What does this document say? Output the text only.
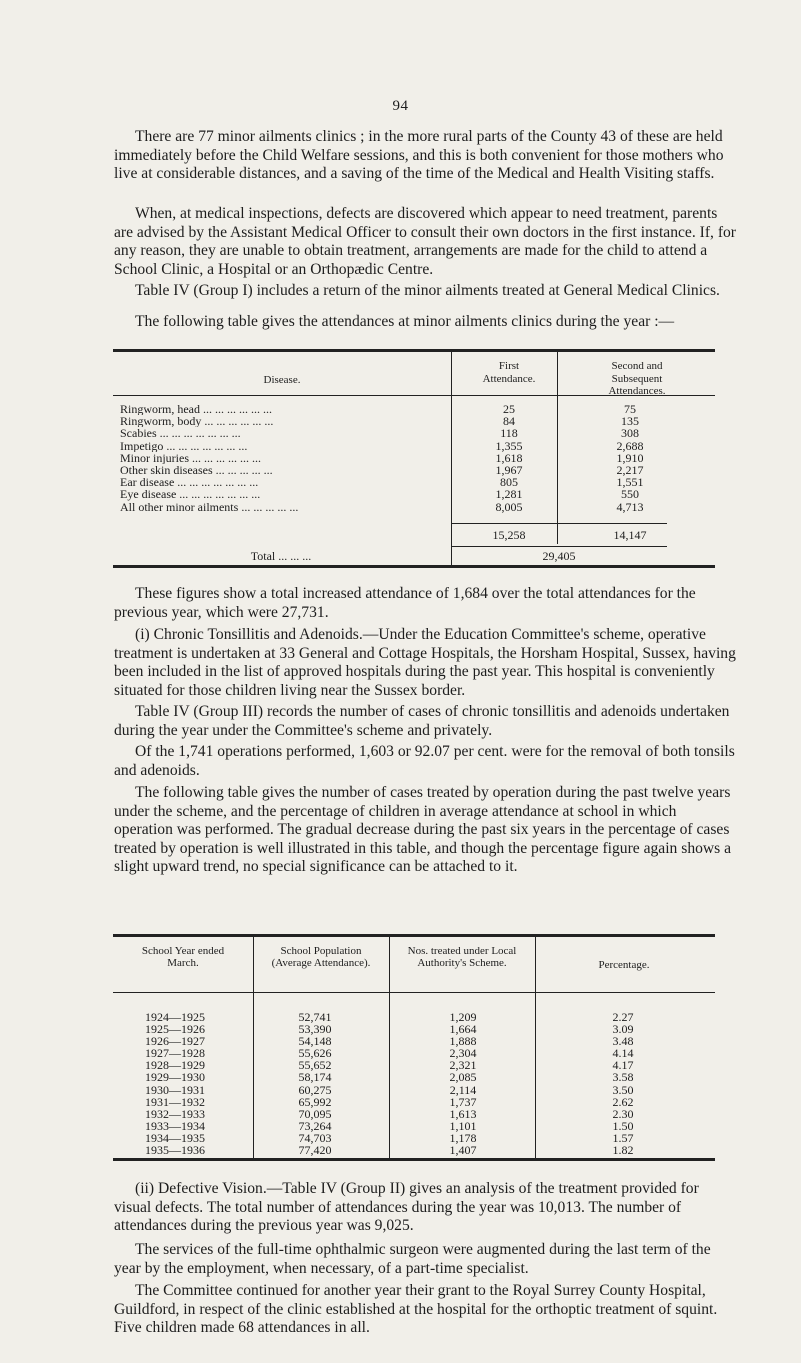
94

There are 77 minor ailments clinics ; in the more rural parts of the County 43 of these are held immediately before the Child Welfare sessions, and this is both convenient for those mothers who live at considerable distances, and a saving of the time of the Medical and Health Visiting staffs.

When, at medical inspections, defects are discovered which appear to need treatment, parents are advised by the Assistant Medical Officer to consult their own doctors in the first instance. If, for any reason, they are unable to obtain treatment, arrangements are made for the child to attend a School Clinic, a Hospital or an Orthopædic Centre.

Table IV (Group I) includes a return of the minor ailments treated at General Medical Clinics.

The following table gives the attendances at minor ailments clinics during the year :—

Disease.
First Attendance.
Second and Subsequent Attendances.
Ringworm, head ... ... ... ... ... ...	25	75
Ringworm, body ... ... ... ... ... ...	84	135
Scabies ... ... ... ... ... ... ...	118	308
Impetigo ... ... ... ... ... ... ...	1,355	2,688
Minor injuries ... ... ... ... ... ...	1,618	1,910
Other skin diseases ... ... ... ... ...	1,967	2,217
Ear disease ... ... ... ... ... ... ...	805	1,551
Eye disease ... ... ... ... ... ... ...	1,281	550
All other minor ailments ... ... ... ... ...	8,005	4,713
15,258	14,147
Total ... ... ...	29,405

These figures show a total increased attendance of 1,684 over the total attendances for the previous year, which were 27,731.

(i) Chronic Tonsillitis and Adenoids.—Under the Education Committee's scheme, operative treatment is undertaken at 33 General and Cottage Hospitals, the Horsham Hospital, Sussex, having been included in the list of approved hospitals during the past year. This hospital is conveniently situated for those children living near the Sussex border.

Table IV (Group III) records the number of cases of chronic tonsillitis and adenoids undertaken during the year under the Committee's scheme and privately.

Of the 1,741 operations performed, 1,603 or 92.07 per cent. were for the removal of both tonsils and adenoids.

The following table gives the number of cases treated by operation during the past twelve years under the scheme, and the percentage of children in average attendance at school in which operation was performed. The gradual decrease during the past six years in the percentage of cases treated by operation is well illustrated in this table, and though the percentage figure again shows a slight upward trend, no special significance can be attached to it.

School Year ended March.
School Population (Average Attendance).
Nos. treated under Local Authority's Scheme.	Percentage.
1924—1925	52,741	1,209	2.27
1925—1926	53,390	1,664	3.09
1926—1927	54,148	1,888	3.48
1927—1928	55,626	2,304	4.14
1928—1929	55,652	2,321	4.17
1929—1930	58,174	2,085	3.58
1930—1931	60,275	2,114	3.50
1931—1932	65,992	1,737	2.62
1932—1933	70,095	1,613	2.30
1933—1934	73,264	1,101	1.50
1934—1935	74,703	1,178	1.57
1935—1936	77,420	1,407	1.82

(ii) Defective Vision.—Table IV (Group II) gives an analysis of the treatment provided for visual defects. The total number of attendances during the year was 10,013. The number of attendances during the previous year was 9,025.

The services of the full-time ophthalmic surgeon were augmented during the last term of the year by the employment, when necessary, of a part-time specialist.

The Committee continued for another year their grant to the Royal Surrey County Hospital, Guildford, in respect of the clinic established at the hospital for the orthoptic treatment of squint. Five children made 68 attendances in all.
